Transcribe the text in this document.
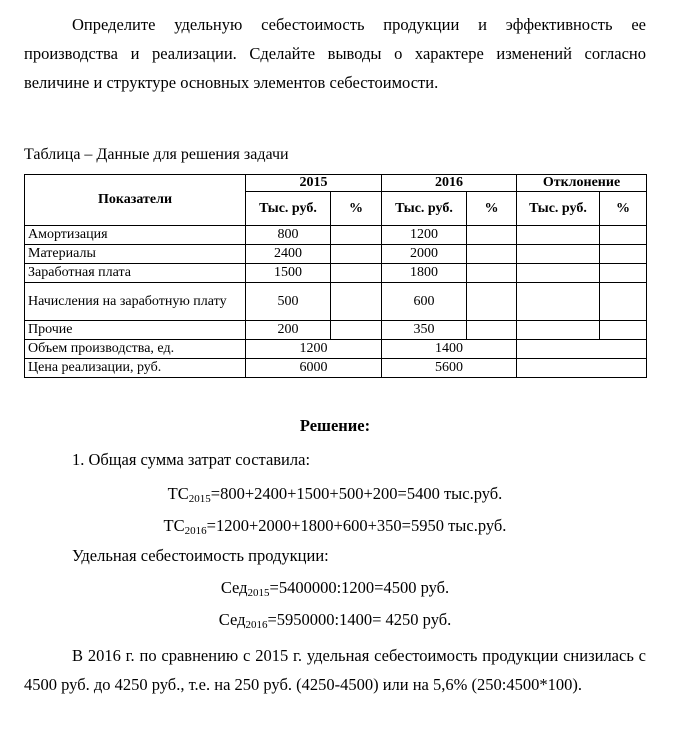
Определите удельную себестоимость продукции и эффективность ее производства и реализации. Сделайте выводы о характере изменений согласно величине и структуре основных элементов себестоимости.

Таблица – Данные для решения задачи

Показатели	2015		2016		Отклонение	
	Тыс. руб.	%	Тыс. руб.	%	Тыс. руб.	%
Амортизация	800		1200			
Материалы	2400		2000			
Заработная плата	1500		1800			
Начисления на заработную плату	500		600			
Прочие	200		350			
Объем производства, ед.	1200		1400			
Цена реализации, руб.	6000		5600			

Решение:

1. Общая сумма затрат составила:

$ТС_{2015}=800+2400+1500+500+200=5400$ тыс.руб.

$ТС_{2016}=1200+2000+1800+600+350=5950$ тыс.руб.

Удельная себестоимость продукции:

Сед$_{2015}$=5400000:1200=4500 руб.

Сед$_{2016}$=5950000:1400= 4250 руб.

В 2016 г. по сравнению с 2015 г. удельная себестоимость продукции снизилась с 4500 руб. до 4250 руб., т.е. на 250 руб. (4250-4500) или на 5,6% (250:4500*100).
